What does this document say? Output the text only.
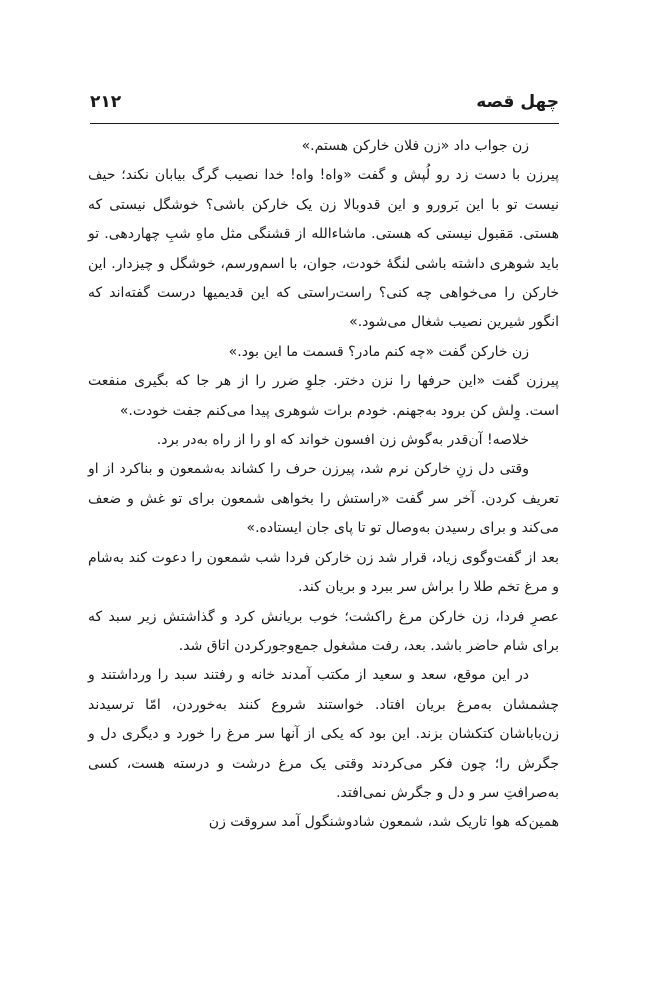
چهل قصه
۲۱۲

زن جواب داد «زن فلان خارکن هستم.»

پیرزن با دست زد رو لُپش و گفت «واه! واه! خدا نصیب گرگ بیابان نکند؛ حیف نیست تو با این بَرورو و این قدوبالا زن یک خارکن باشی؟ خوشگل نیستی که هستی. مَقبول نیستی که هستی. ماشاءالله از قشنگی مثل ماهِ شبِ چهاردهی. تو باید شوهری داشته باشی لنگهٔ خودت، جوان، با اسم‌ورسم، خوشگل و چیزدار. این خارکن را می‌خواهی چه کنی؟ راست‌راستی که این قدیمیها درست گفته‌اند که انگور شیرین نصیب شغال می‌شود.»

زن خارکن گفت «چه کنم مادر؟ قسمت ما این بود.»

پیرزن گفت «این حرفها را نزن دختر. جلوِ ضرر را از هر جا که بگیری منفعت است. وِلش کن برود به‌جهنم. خودم برات شوهری پیدا می‌کنم جفت خودت.»

خلاصه! آن‌قدر به‌گوش زن افسون خواند که او را از راه به‌در برد.

وقتی دل زنِ خارکن نرم شد، پیرزن حرف را کشاند به‌شمعون و بناکرد از او تعریف کردن. آخر سر گفت «راستش را بخواهی شمعون برای تو غش و ضعف می‌کند و برای رسیدن به‌وصال تو تا پای جان ایستاده.»

بعد از گفت‌وگوی زیاد، قرار شد زن خارکن فردا شب شمعون را دعوت کند به‌شام و مرغ تخم طلا را براش سر ببرد و بریان کند.

عصرِ فردا، زن خارکن مرغ راکشت؛ خوب بریانش کرد و گذاشتش زیر سبد که برای شام حاضر باشد. بعد، رفت مشغول جمع‌وجورکردن اتاق شد.

در این موقع، سعد و سعید از مکتب آمدند خانه و رفتند سبد را ورداشتند و چشمشان به‌مرغ بریان افتاد. خواستند شروع کنند به‌خوردن، امّا ترسیدند زن‌باباشان کتکشان بزند. این بود که یکی از آنها سر مرغ را خورد و دیگری دل و جگرش را؛ چون فکر می‌کردند وقتی یک مرغ درشت و درسته هست، کسی به‌صرافتِ سر و دل و جگرش نمی‌افتد.

همین‌که هوا تاریک شد، شمعون شادوشنگول آمد سروقت زن
